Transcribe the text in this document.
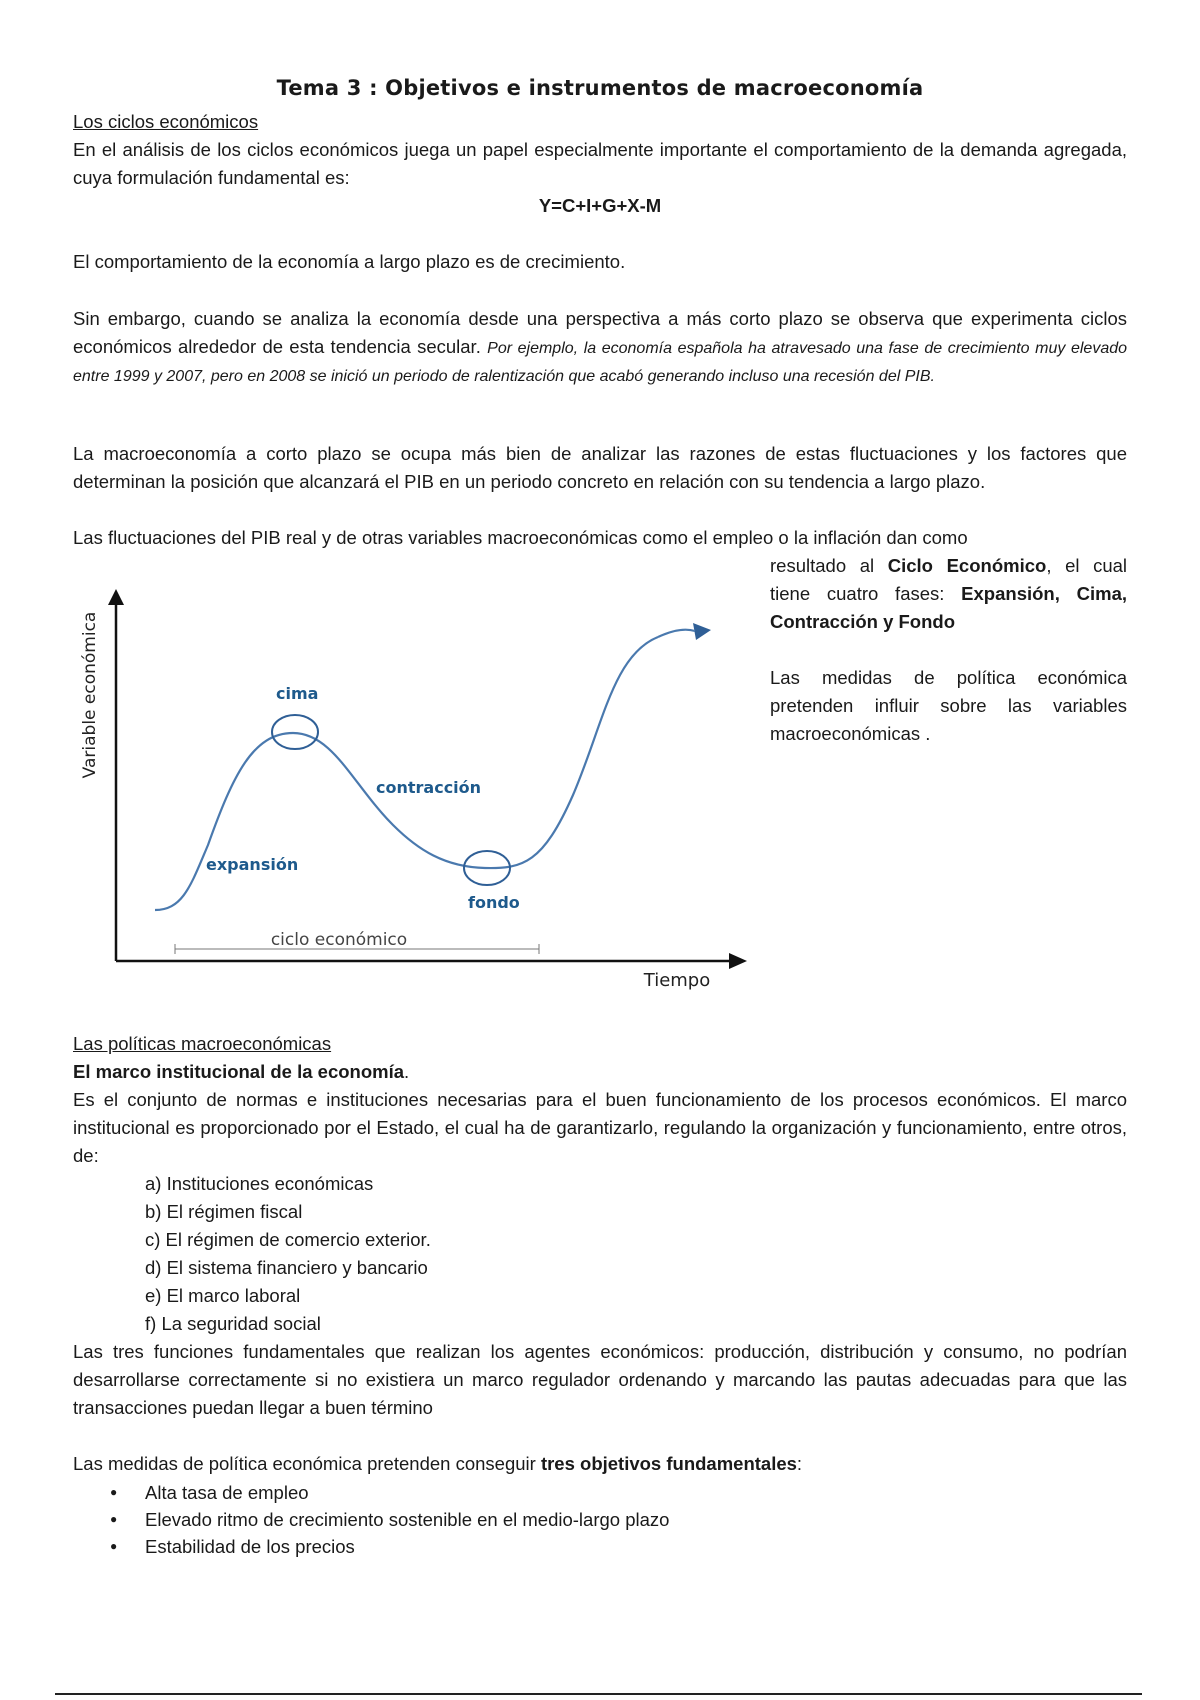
Tema 3 : Objetivos e instrumentos de macroeconomía
Los ciclos económicos
En el análisis de los ciclos económicos juega un papel especialmente importante el comportamiento de la demanda agregada, cuya formulación fundamental es:
Y=C+I+G+X-M
El comportamiento de la economía a largo plazo es de crecimiento.
Sin embargo, cuando se analiza la economía desde una perspectiva a más corto plazo se observa que experimenta ciclos económicos alrededor de esta tendencia secular. Por ejemplo, la economía española ha atravesado una fase de crecimiento muy elevado entre 1999 y 2007, pero en 2008 se inició un periodo de ralentización que acabó generando incluso una recesión del PIB.
La macroeconomía a corto plazo se ocupa más bien de analizar las razones de estas fluctuaciones y los factores que determinan la posición que alcanzará el PIB en un periodo concreto en relación con su tendencia a largo plazo.
Las fluctuaciones del PIB real y de otras variables macroeconómicas como el empleo o la inflación dan como
resultado al Ciclo Económico, el cual tiene cuatro fases: Expansión, Cima, Contracción y Fondo
Las medidas de política económica pretenden influir sobre las variables macroeconómicas .
Variable económica
Tiempo
cima
contracción
expansión
fondo
ciclo económico
Las políticas macroeconómicas
El marco institucional de la economía.
Es el conjunto de normas e instituciones necesarias para el buen funcionamiento de los procesos económicos. El marco institucional es proporcionado por el Estado, el cual ha de garantizarlo, regulando la organización y funcionamiento, entre otros, de:
a) Instituciones económicas
b) El régimen fiscal
c) El régimen de comercio exterior.
d) El sistema financiero y bancario
e) El marco laboral
f) La seguridad social
Las tres funciones fundamentales que realizan los agentes económicos: producción, distribución y consumo, no podrían desarrollarse correctamente si no existiera un marco regulador ordenando y marcando las pautas adecuadas para que las transacciones puedan llegar a buen término
Las medidas de política económica pretenden conseguir tres objetivos fundamentales:
● Alta tasa de empleo
● Elevado ritmo de crecimiento sostenible en el medio-largo plazo
● Estabilidad de los precios
